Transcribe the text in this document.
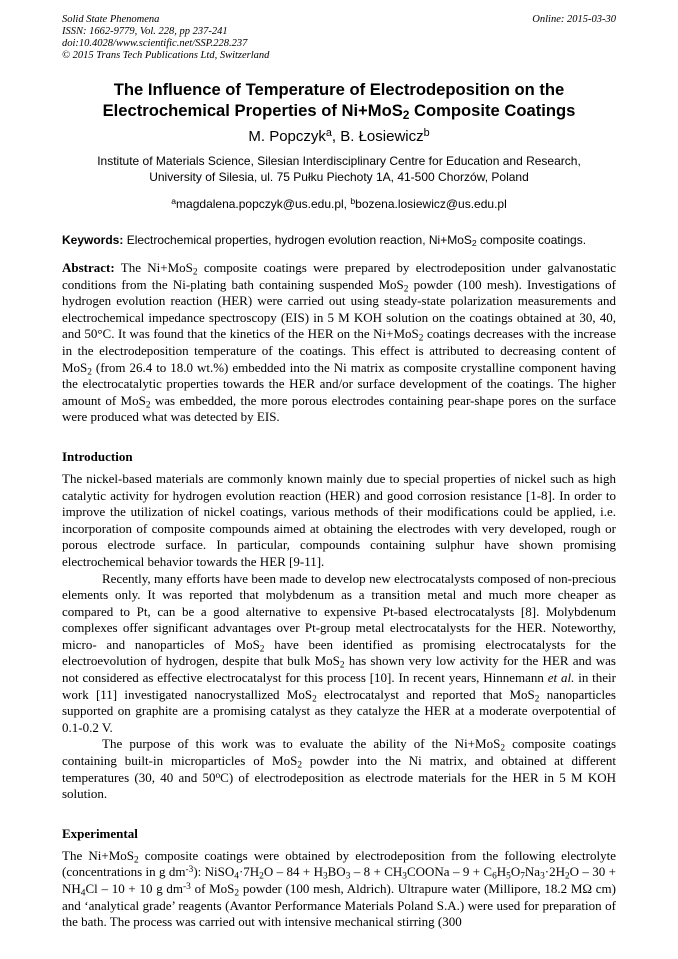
Solid State Phenomena
ISSN: 1662-9779, Vol. 228, pp 237-241
doi:10.4028/www.scientific.net/SSP.228.237
© 2015 Trans Tech Publications Ltd, Switzerland
Online: 2015-03-30
The Influence of Temperature of Electrodeposition on the
Electrochemical Properties of Ni+MoS$_2$ Composite Coatings
M. Popczyk$^a$, B. Łosiewicz$^b$
Institute of Materials Science, Silesian Interdisciplinary Centre for Education and Research,
University of Silesia, ul. 75 Pułku Piechoty 1A, 41-500 Chorzów, Poland
$^a$magdalena.popczyk@us.edu.pl, $^b$bozena.losiewicz@us.edu.pl
Keywords: Electrochemical properties, hydrogen evolution reaction, Ni+MoS$_2$ composite coatings.

Abstract: The Ni+MoS$_2$ composite coatings were prepared by electrodeposition under galvanostatic conditions from the Ni-plating bath containing suspended MoS$_2$ powder (100 mesh). Investigations of hydrogen evolution reaction (HER) were carried out using steady-state polarization measurements and electrochemical impedance spectroscopy (EIS) in 5 M KOH solution on the coatings obtained at 30, 40, and 50°C. It was found that the kinetics of the HER on the Ni+MoS$_2$ coatings decreases with the increase in the electrodeposition temperature of the coatings. This effect is attributed to decreasing content of MoS$_2$ (from 26.4 to 18.0 wt.%) embedded into the Ni matrix as composite crystalline component having the electrocatalytic properties towards the HER and/or surface development of the coatings. The higher amount of MoS$_2$ was embedded, the more porous electrodes containing pear-shape pores on the surface were produced what was detected by EIS.

Introduction

The nickel-based materials are commonly known mainly due to special properties of nickel such as high catalytic activity for hydrogen evolution reaction (HER) and good corrosion resistance [1-8]. In order to improve the utilization of nickel coatings, various methods of their modifications could be applied, i.e. incorporation of composite compounds aimed at obtaining the electrodes with very developed, rough or porous electrode surface. In particular, compounds containing sulphur have shown promising electrochemical behavior towards the HER [9-11].

Recently, many efforts have been made to develop new electrocatalysts composed of non-precious elements only. It was reported that molybdenum as a transition metal and much more cheaper as compared to Pt, can be a good alternative to expensive Pt-based electrocatalysts [8]. Molybdenum complexes offer significant advantages over Pt-group metal electrocatalysts for the HER. Noteworthy, micro- and nanoparticles of MoS$_2$ have been identified as promising electrocatalysts for the electroevolution of hydrogen, despite that bulk MoS$_2$ has shown very low activity for the HER and was not considered as effective electrocatalyst for this process [10]. In recent years, Hinnemann et al. in their work [11] investigated nanocrystallized MoS$_2$ electrocatalyst and reported that MoS$_2$ nanoparticles supported on graphite are a promising catalyst as they catalyze the HER at a moderate overpotential of 0.1-0.2 V.

The purpose of this work was to evaluate the ability of the Ni+MoS$_2$ composite coatings containing built-in microparticles of MoS$_2$ powder into the Ni matrix, and obtained at different temperatures (30, 40 and 50$^o$C) of electrodeposition as electrode materials for the HER in 5 M KOH solution.

Experimental

The Ni+MoS$_2$ composite coatings were obtained by electrodeposition from the following electrolyte (concentrations in g $dm^{-3}$): $NiSO_4\cdot 7H_2O - 84 + H_3BO_3 - 8$ + $CH_3COONa - 9 + C_6H_5O_7Na_3\cdot 2H_2O - 30 + NH_4Cl - 10 + 10$ g $dm^{-3}$ of MoS$_2$ powder (100 mesh, Aldrich). Ultrapure water (Millipore, 18.2 MΩ cm) and ‘analytical grade’ reagents (Avantor Performance Materials Poland S.A.) were used for preparation of the bath. The process was carried out with intensive mechanical stirring (300
